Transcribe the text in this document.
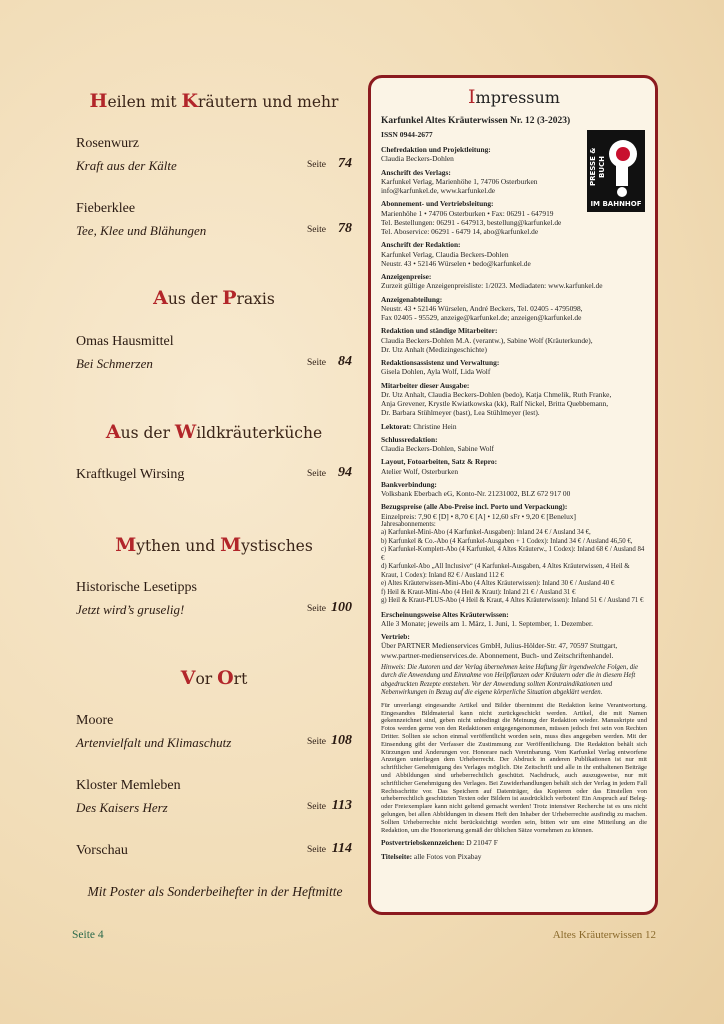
Heilen mit Kräutern und mehr

Aus der Praxis

Aus der Wildkräuterküche

Mythen und Mystisches

Vor Ort

Rosenwurz
Kraft aus der Kälte	Seite 74
Fieberklee
Tee, Klee und Blähungen	Seite 78
Omas Hausmittel
Bei Schmerzen	Seite 84
Kraftkugel Wirsing	Seite 94
Historische Lesetipps
Jetzt wird’s gruselig!	Seite 100
Moore
Artenvielfalt und Klimaschutz	Seite 108
Kloster Memleben
Des Kaisers Herz	Seite 113
Vorschau	Seite 114
Mit Poster als Sonderbeihefter in der Heftmitte
Seite 4	Altes Kräuterwissen 12
Impressum
Karfunkel Altes Kräuterwissen Nr. 12 (3-2023)
ISSN 0944-2677
PRESSE & BUCH
IM BAHNHOF
Chefredaktion und Projektleitung:
Claudia Beckers-Dohlen
Anschrift des Verlags:
Karfunkel Verlag, Marienhöhe 1, 74706 Osterburken
info@karfunkel.de, www.karfunkel.de
Abonnement- und Vertriebsleitung:
Marienhöhe 1 • 74706 Osterburken • Fax: 06291 - 647919
Tel. Bestellungen: 06291 - 647913, bestellung@karfunkel.de
Tel. Aboservice: 06291 - 6479 14, abo@karfunkel.de
Anschrift der Redaktion:
Karfunkel Verlag, Claudia Beckers-Dohlen
Neustr. 43 • 52146 Würselen • bedo@karfunkel.de
Anzeigenpreise:
Zurzeit gültige Anzeigenpreisliste: 1/2023. Mediadaten: www.karfunkel.de
Anzeigenabteilung:
Neustr. 43 • 52146 Würselen, André Beckers, Tel. 02405 - 4795098,
Fax 02405 - 95529, anzeige@karfunkel.de; anzeigen@karfunkel.de
Redaktion und ständige Mitarbeiter:
Claudia Beckers-Dohlen M.A. (verantw.), Sabine Wolf (Kräuterkunde),
Dr. Utz Anhalt (Medizingeschichte)
Redaktionsassistenz und Verwaltung:
Gisela Dohlen, Ayla Wolf, Lida Wolf
Mitarbeiter dieser Ausgabe:
Dr. Utz Anhalt, Claudia Beckers-Dohlen (bedo), Katja Chmelik, Ruth Franke,
Anja Grevener, Krystle Kwiatkowska (kk), Ralf Nickel, Britta Quebbemann,
Dr. Barbara Stühlmeyer (bast), Lea Stühlmeyer (lest).
Lektorat: Christine Hein
Schlussredaktion:
Claudia Beckers-Dohlen, Sabine Wolf
Layout, Fotoarbeiten, Satz & Repro:
Atelier Wolf, Osterburken
Bankverbindung:
Volksbank Eberbach eG, Konto-Nr. 21231002, BLZ 672 917 00
Bezugspreise (alle Abo-Preise incl. Porto und Verpackung):
Einzelpreis: 7,90 € [D] • 8,70 € [A] • 12,60 sFr • 9,20 € [Benelux]
Jahresabonnements:
a) Karfunkel-Mini-Abo (4 Karfunkel-Ausgaben): Inland 24 € / Ausland 34 €,
b) Karfunkel & Co.-Abo (4 Karfunkel-Ausgaben + 1 Codex): Inland 34 € / Ausland 46,50 €,
c) Karfunkel-Komplett-Abo (4 Karfunkel, 4 Altes Kräuterw., 1 Codex): Inland 68 € / Ausland 84 €
d) Karfunkel-Abo „All Inclusive“ (4 Karfunkel-Ausgaben, 4 Altes Kräuterwissen, 4 Heil & Kraut, 1 Codex): Inland 82 € / Ausland 112 €
e) Altes Kräuterwissen-Mini-Abo (4 Altes Kräuterwissen): Inland 30 € / Ausland 40 €
f) Heil & Kraut-Mini-Abo (4 Heil & Kraut): Inland 21 € / Ausland 31 €
g) Heil & Kraut-PLUS-Abo (4 Heil & Kraut, 4 Altes Kräuterwissen): Inland 51 € / Ausland 71 €
Erscheinungsweise Altes Kräuterwissen:
Alle 3 Monate; jeweils am 1. März, 1. Juni, 1. September, 1. Dezember.
Vertrieb:
Über PARTNER Medienservices GmbH, Julius-Hölder-Str. 47, 70597 Stuttgart,
www.partner-medienservices.de. Abonnement, Buch- und Zeitschriftenhandel.
Hinweis: Die Autoren und der Verlag übernehmen keine Haftung für irgendwelche Folgen, die durch die Anwendung und Einnahme von Heilpflanzen oder Kräutern oder die in diesem Heft abgedruckten Rezepte entstehen. Vor der Anwendung sollten Kontraindikationen und Nebenwirkungen in Bezug auf die eigene körperliche Situation abgeklärt werden.
Für unverlangt eingesandte Artikel und Bilder übernimmt die Redaktion keine Verantwortung. Eingesandtes Bildmaterial kann nicht zurückgeschickt werden. Artikel, die mit Namen gekennzeichnet sind, geben nicht unbedingt die Meinung der Redaktion wieder. Manuskripte und Fotos werden gerne von den Redaktionen entgegengenommen, müssen jedoch frei sein von Rechten Dritter. Sollten sie schon einmal veröffentlicht worden sein, muss dies angegeben werden. Mit der Einsendung gibt der Verfasser die Zustimmung zur Veröffentlichung. Die Redaktion behält sich Kürzungen und Änderungen vor. Honorare nach Vereinbarung. Vom Karfunkel Verlag entworfene Anzeigen unterliegen dem Urheberrecht. Der Abdruck in anderen Publikationen ist nur mit schriftlicher Genehmigung des Verlages möglich. Die Zeitschrift und alle in ihr enthaltenen Beiträge und Abbildungen sind urheberrechtlich geschützt. Nachdruck, auch auszugsweise, nur mit schriftlicher Genehmigung des Verlages. Bei Zuwiderhandlungen behält sich der Verlag in jedem Fall Rechtsschritte vor. Das Speichern auf Datenträger, das Kopieren oder das Einstellen von urheberrechtlich geschützten Texten oder Bildern ist ausdrücklich verboten! Ein Anspruch auf Beleg- oder Freiexemplare kann nicht geltend gemacht werden! Trotz intensiver Recherche ist es uns nicht gelungen, bei allen Abbildungen in diesem Heft den Inhaber der Urheberrechte ausfindig zu machen. Sollten Urheberrechte nicht berücksichtigt worden sein, bitten wir um eine Mitteilung an die Redaktion, um die Honorierung gemäß der üblichen Sätze vornehmen zu können.
Postvertriebskennzeichen: D 21047 F
Titelseite: alle Fotos von Pixabay
